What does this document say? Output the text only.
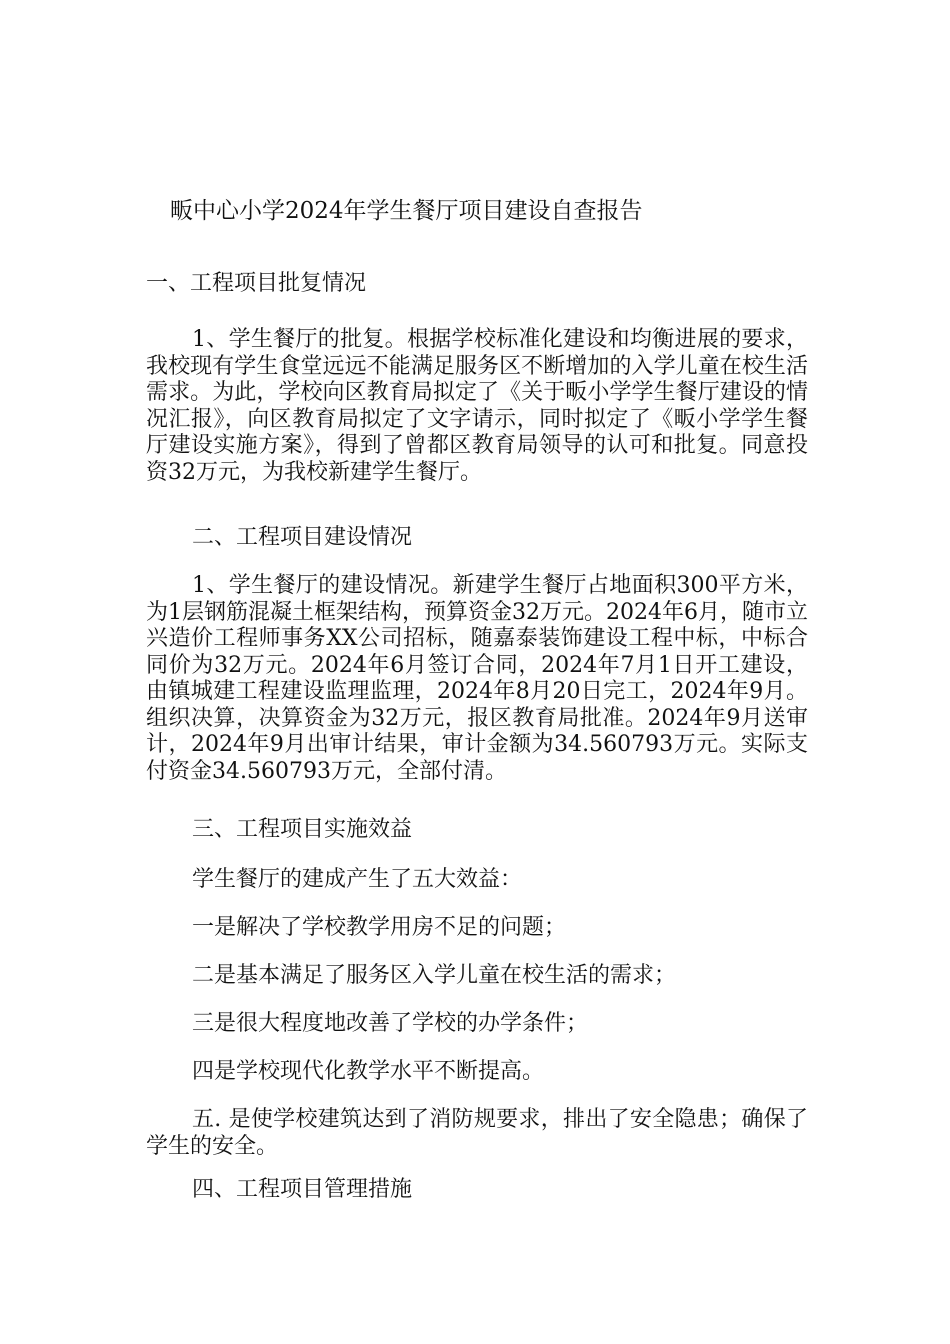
畈中心小学2024年学生餐厅项目建设自查报告

一、工程项目批复情况

1、学生餐厅的批复。根据学校标准化建设和均衡进展的要求，我校现有学生食堂远远不能满足服务区不断增加的入学儿童在校生活需求。为此，学校向区教育局拟定了《关于畈小学学生餐厅建设的情况汇报》，向区教育局拟定了文字请示，同时拟定了《畈小学学生餐厅建设实施方案》，得到了曾都区教育局领导的认可和批复。同意投资32万元，为我校新建学生餐厅。

二、工程项目建设情况

1、学生餐厅的建设情况。新建学生餐厅占地面积300平方米，为1层钢筋混凝土框架结构，预算资金32万元。2024年6月，随市立兴造价工程师事务XX公司招标，随嘉泰装饰建设工程中标，中标合同价为32万元。2024年6月签订合同，2024年7月1日开工建设，由镇城建工程建设监理监理，2024年8月20日完工，2024年9月。组织决算，决算资金为32万元，报区教育局批准。2024年9月送审计，2024年9月出审计结果，审计金额为34.560793万元。实际支付资金34.560793万元，全部付清。

三、工程项目实施效益

学生餐厅的建成产生了五大效益：

一是解决了学校教学用房不足的问题；

二是基本满足了服务区入学儿童在校生活的需求；

三是很大程度地改善了学校的办学条件；

四是学校现代化教学水平不断提高。

五. 是使学校建筑达到了消防规要求，排出了安全隐患；确保了学生的安全。

四、工程项目管理措施
